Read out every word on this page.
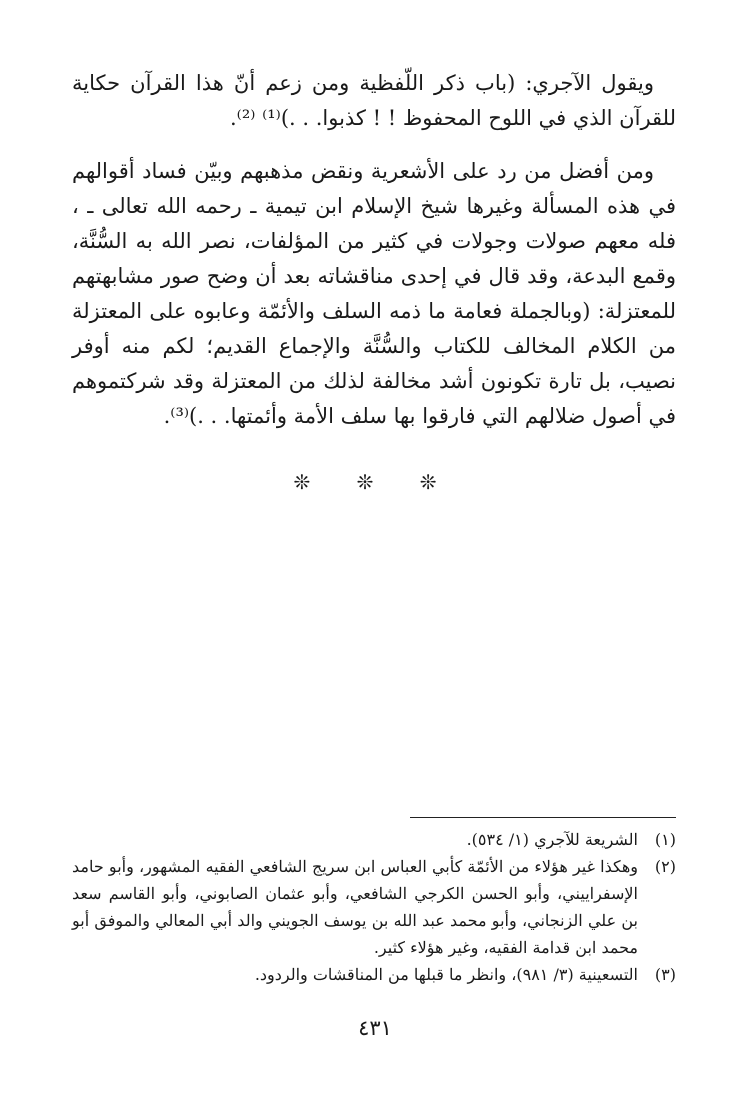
ويقول الآجري: (باب ذكر اللّفظية ومن زعم أنّ هذا القرآن حكاية للقرآن الذي في اللوح المحفوظ ! ! كذبوا. . .)⁽¹⁾ ⁽²⁾.

ومن أفضل من رد على الأشعرية ونقض مذهبهم وبيّن فساد أقوالهم في هذه المسألة وغيرها شيخ الإسلام ابن تيمية ـ رحمه الله تعالى ـ ، فله معهم صولات وجولات في كثير من المؤلفات، نصر الله به السُّنَّة، وقمع البدعة، وقد قال في إحدى مناقشاته بعد أن وضح صور مشابهتهم للمعتزلة: (وبالجملة فعامة ما ذمه السلف والأئمّة وعابوه على المعتزلة من الكلام المخالف للكتاب والسُّنَّة والإجماع القديم؛ لكم منه أوفر نصيب، بل تارة تكونون أشد مخالفة لذلك من المعتزلة وقد شركتموهم في أصول ضلالهم التي فارقوا بها سلف الأمة وأئمتها. . .)⁽³⁾.

❊ ❊ ❊
(١)
الشريعة للآجري (١/ ٥٣٤).
(٢)
وهكذا غير هؤلاء من الأئمّة كأبي العباس ابن سريج الشافعي الفقيه المشهور، وأبو حامد الإسفراييني، وأبو الحسن الكرجي الشافعي، وأبو عثمان الصابوني، وأبو القاسم سعد بن علي الزنجاني، وأبو محمد عبد الله بن يوسف الجويني والد أبي المعالي والموفق أبو محمد ابن قدامة الفقيه، وغير هؤلاء كثير.
(٣)
التسعينية (٣/ ٩٨١)، وانظر ما قبلها من المناقشات والردود.
٤٣١
